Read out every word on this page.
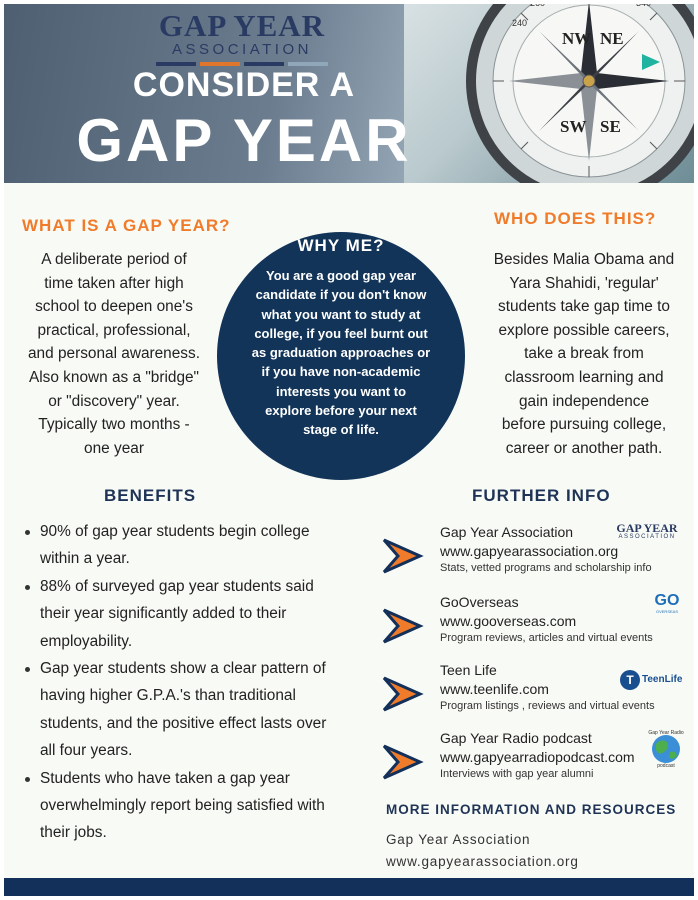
GAP YEAR
ASSOCIATION
CONSIDER A
GAP YEAR
NW
SW SE
NE
240
260	340
WHAT IS A GAP YEAR?
A deliberate period of
time taken after high
school to deepen one's
practical, professional,
and personal awareness.
Also known as a "bridge"
or "discovery" year.
Typically two months -
one year
WHY ME?
You are a good gap year
candidate if you don't know
what you want to study at
college, if you feel burnt out
as graduation approaches or
if you have non-academic
interests you want to
explore before your next
stage of life.
WHO DOES THIS?
Besides Malia Obama and
Yara Shahidi, 'regular'
students take gap time to
explore possible careers,
take a break from
classroom learning and
gain independence
before pursuing college,
career or another path.
BENEFITS
90% of gap year students begin college
within a year.
88% of surveyed gap year students said
their year significantly added to their
employability.
Gap year students show a clear pattern of
having higher G.P.A.'s than traditional
students, and the positive effect lasts over
all four years.
Students who have taken a gap year
overwhelmingly report being satisfied with
their jobs.
FURTHER INFO
Gap Year Association
www.gapyearassociation.org
Stats, vetted programs and scholarship info
GAP YEAR
ASSOCIATION
GoOverseas
www.gooverseas.com
Program reviews, articles and virtual events
GO
OVERSEAS
Teen Life
www.teenlife.com
Program listings , reviews and virtual events
T TeenLife
Gap Year Radio podcast
www.gapyearradiopodcast.com
Interviews with gap year alumni
Gap Year Radio
podcast
MORE INFORMATION AND RESOURCES
Gap Year Association
www.gapyearassociation.org
